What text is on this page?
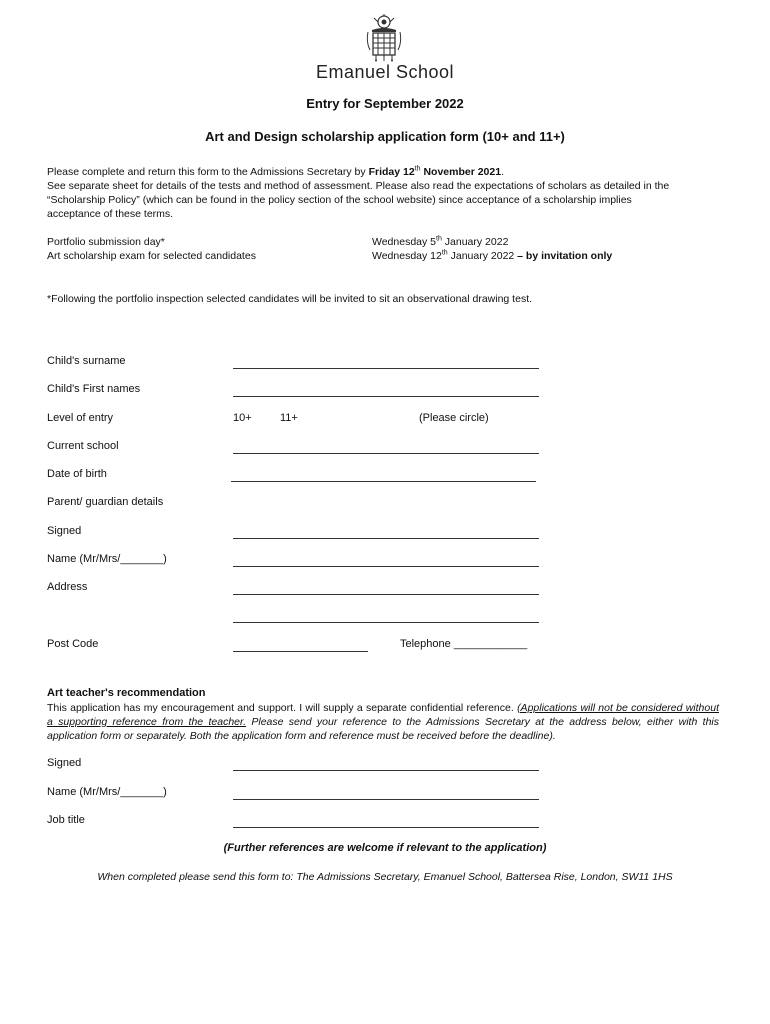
Emanuel School
Entry for September 2022
Art and Design scholarship application form (10+ and 11+)
Please complete and return this form to the Admissions Secretary by Friday 12th November 2021.
See separate sheet for details of the tests and method of assessment. Please also read the expectations of scholars as detailed in the “Scholarship Policy” (which can be found in the policy section of the school website) since acceptance of a scholarship implies acceptance of these terms.
Portfolio submission day*	Wednesday 5th January 2022
Art scholarship exam for selected candidates	Wednesday 12th January 2022 – by invitation only
*Following the portfolio inspection selected candidates will be invited to sit an observational drawing test.
Child's surname
Child's First names
Level of entry	10+	11+	(Please circle)
Current school
Date of birth
Parent/ guardian details
Signed
Name (Mr/Mrs/_______)
Address
Post Code	Telephone ____________
Art teacher's recommendation
This application has my encouragement and support. I will supply a separate confidential reference. (Applications will not be considered without a supporting reference from the teacher. Please send your reference to the Admissions Secretary at the address below, either with this application form or separately. Both the application form and reference must be received before the deadline).
Signed
Name (Mr/Mrs/_______)
Job title
(Further references are welcome if relevant to the application)
When completed please send this form to: The Admissions Secretary, Emanuel School, Battersea Rise, London, SW11 1HS
